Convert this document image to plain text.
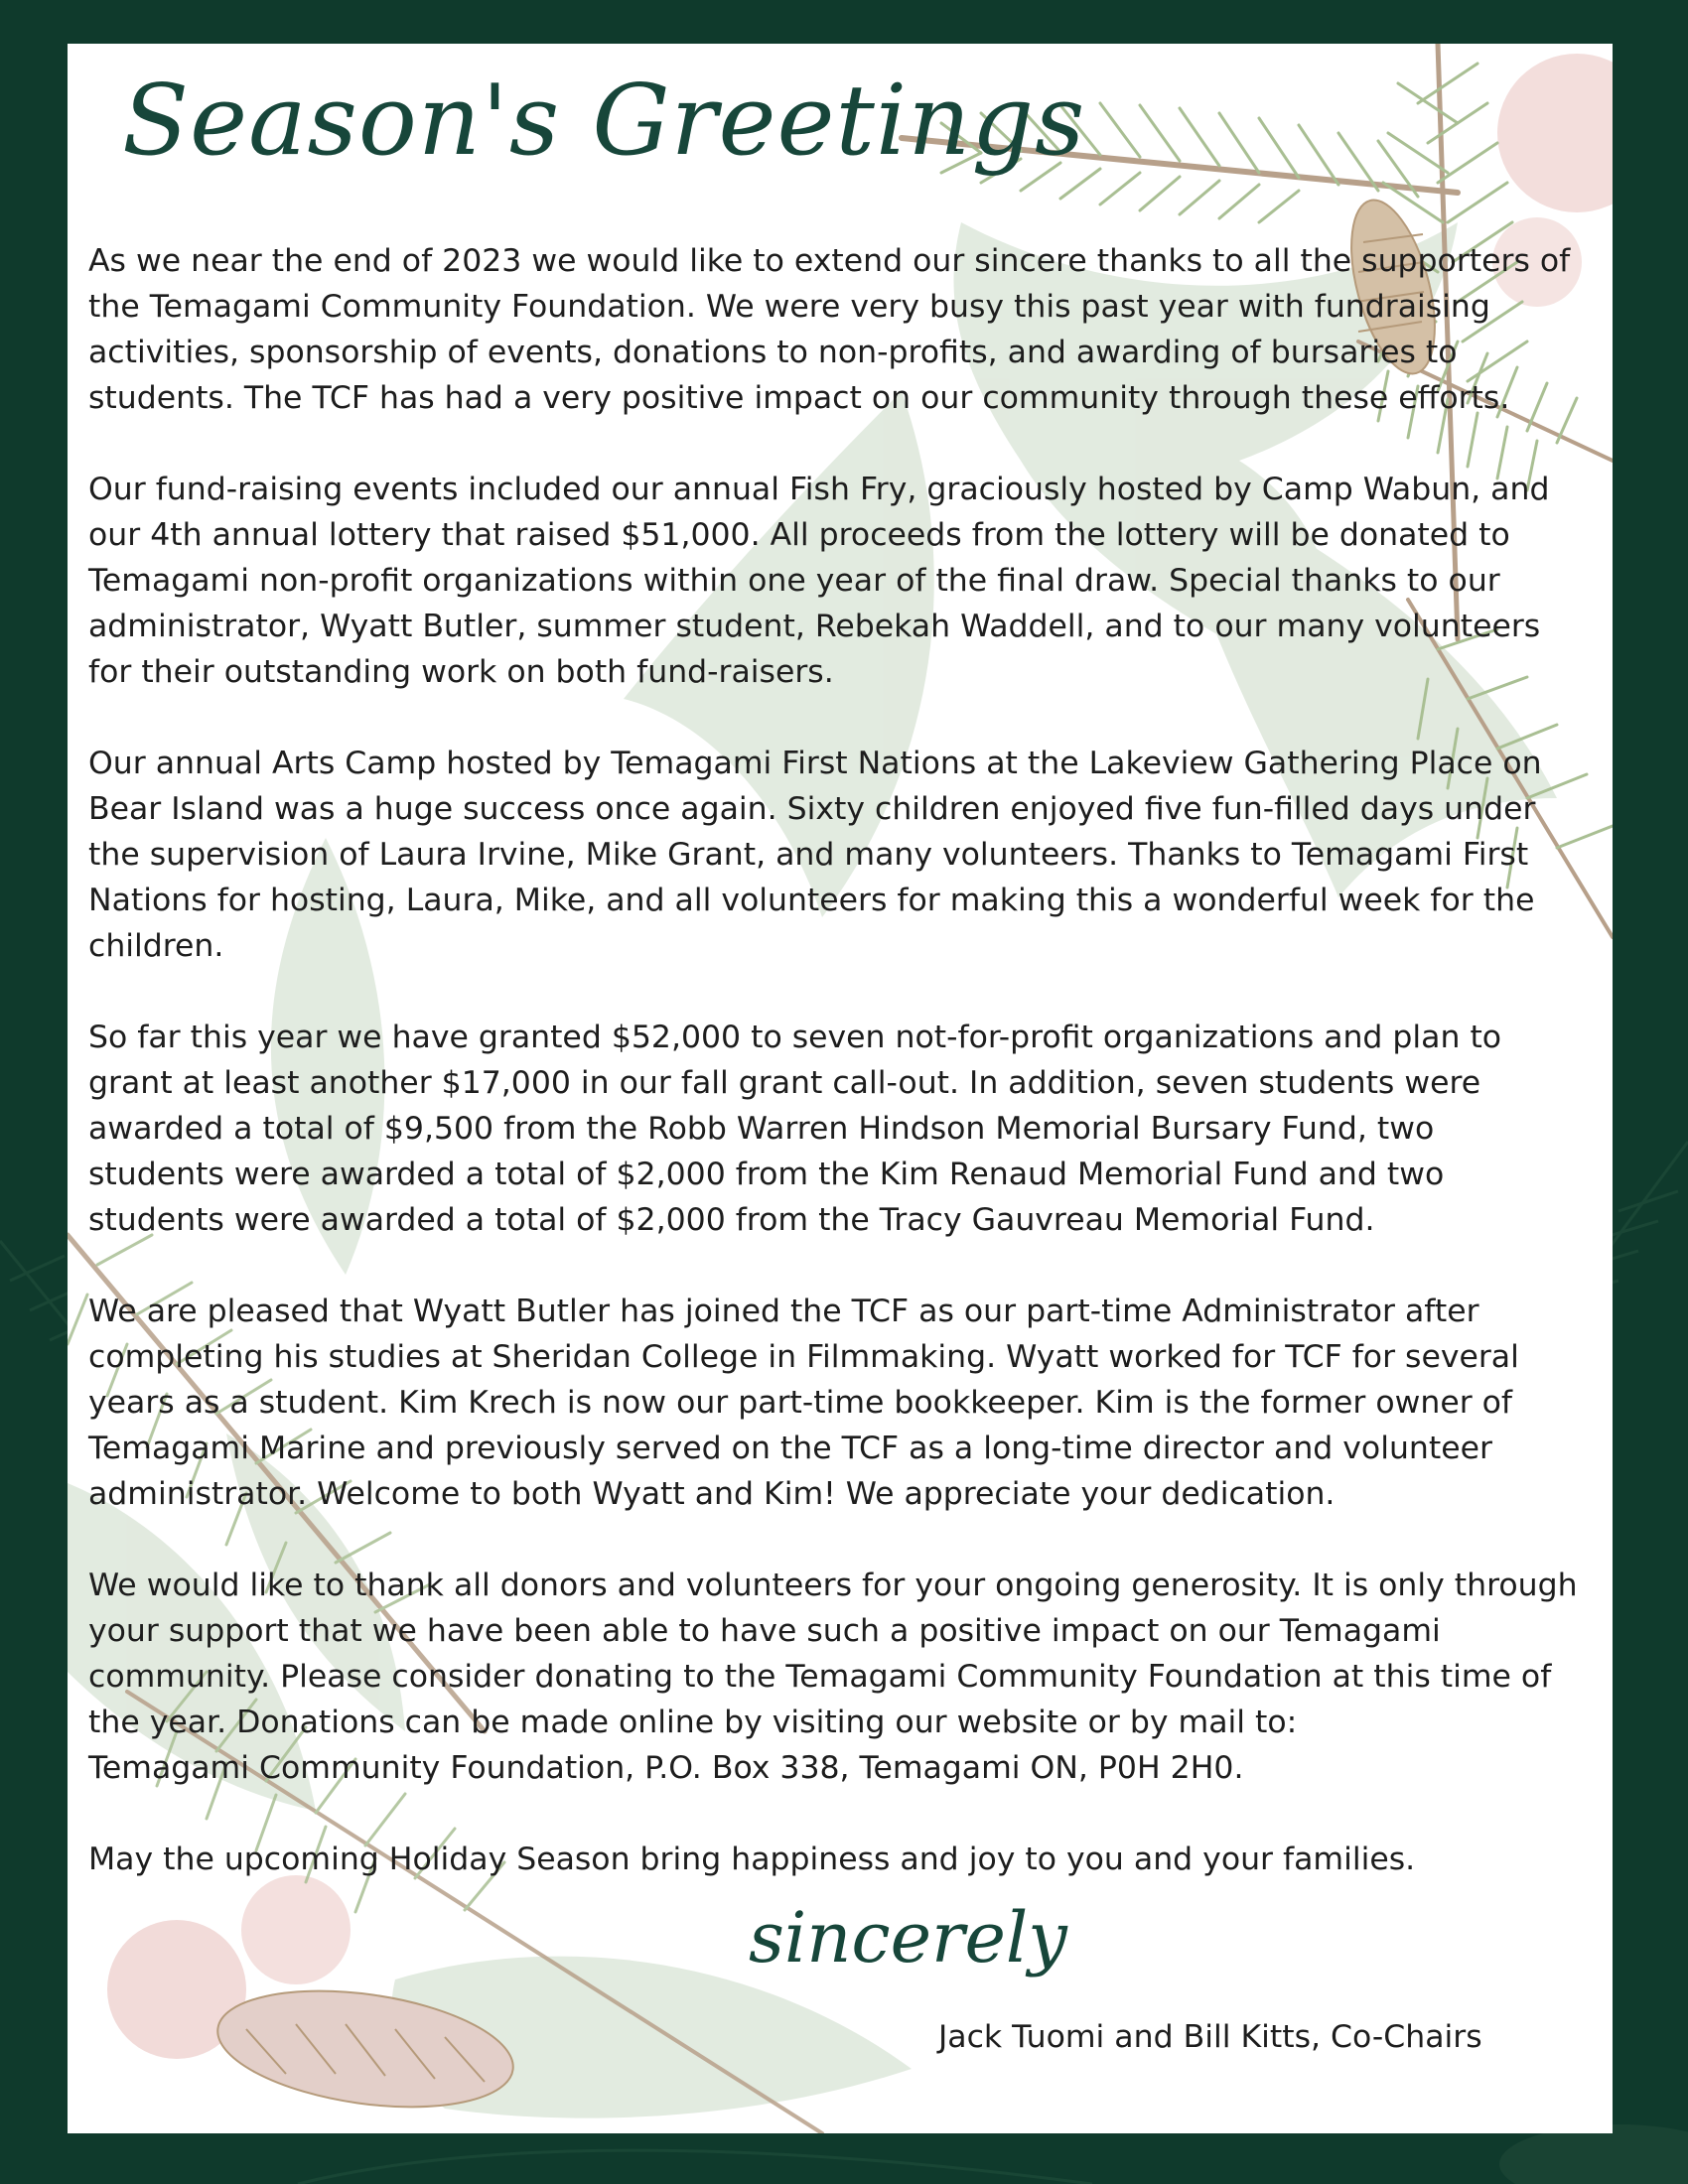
Season's Greetings

As we near the end of 2023 we would like to extend our sincere thanks to all the supporters of
the Temagami Community Foundation. We were very busy this past year with fundraising
activities, sponsorship of events, donations to non-profits, and awarding of bursaries to
students. The TCF has had a very positive impact on our community through these efforts.

Our fund-raising events included our annual Fish Fry, graciously hosted by Camp Wabun, and
our 4th annual lottery that raised $51,000. All proceeds from the lottery will be donated to
Temagami non-profit organizations within one year of the final draw. Special thanks to our
administrator, Wyatt Butler, summer student, Rebekah Waddell, and to our many volunteers
for their outstanding work on both fund-raisers.

Our annual Arts Camp hosted by Temagami First Nations at the Lakeview Gathering Place on
Bear Island was a huge success once again. Sixty children enjoyed five fun-filled days under
the supervision of Laura Irvine, Mike Grant, and many volunteers. Thanks to Temagami First
Nations for hosting, Laura, Mike, and all volunteers for making this a wonderful week for the
children.

So far this year we have granted $52,000 to seven not-for-profit organizations and plan to
grant at least another $17,000 in our fall grant call-out. In addition, seven students were
awarded a total of $9,500 from the Robb Warren Hindson Memorial Bursary Fund, two
students were awarded a total of $2,000 from the Kim Renaud Memorial Fund and two
students were awarded a total of $2,000 from the Tracy Gauvreau Memorial Fund.

We are pleased that Wyatt Butler has joined the TCF as our part-time Administrator after
completing his studies at Sheridan College in Filmmaking. Wyatt worked for TCF for several
years as a student. Kim Krech is now our part-time bookkeeper. Kim is the former owner of
Temagami Marine and previously served on the TCF as a long-time director and volunteer
administrator. Welcome to both Wyatt and Kim! We appreciate your dedication.

We would like to thank all donors and volunteers for your ongoing generosity. It is only through
your support that we have been able to have such a positive impact on our Temagami
community. Please consider donating to the Temagami Community Foundation at this time of
the year. Donations can be made online by visiting our website or by mail to:
Temagami Community Foundation, P.O. Box 338, Temagami ON, P0H 2H0.

May the upcoming Holiday Season bring happiness and joy to you and your families.

sincerely

Jack Tuomi and Bill Kitts, Co-Chairs
